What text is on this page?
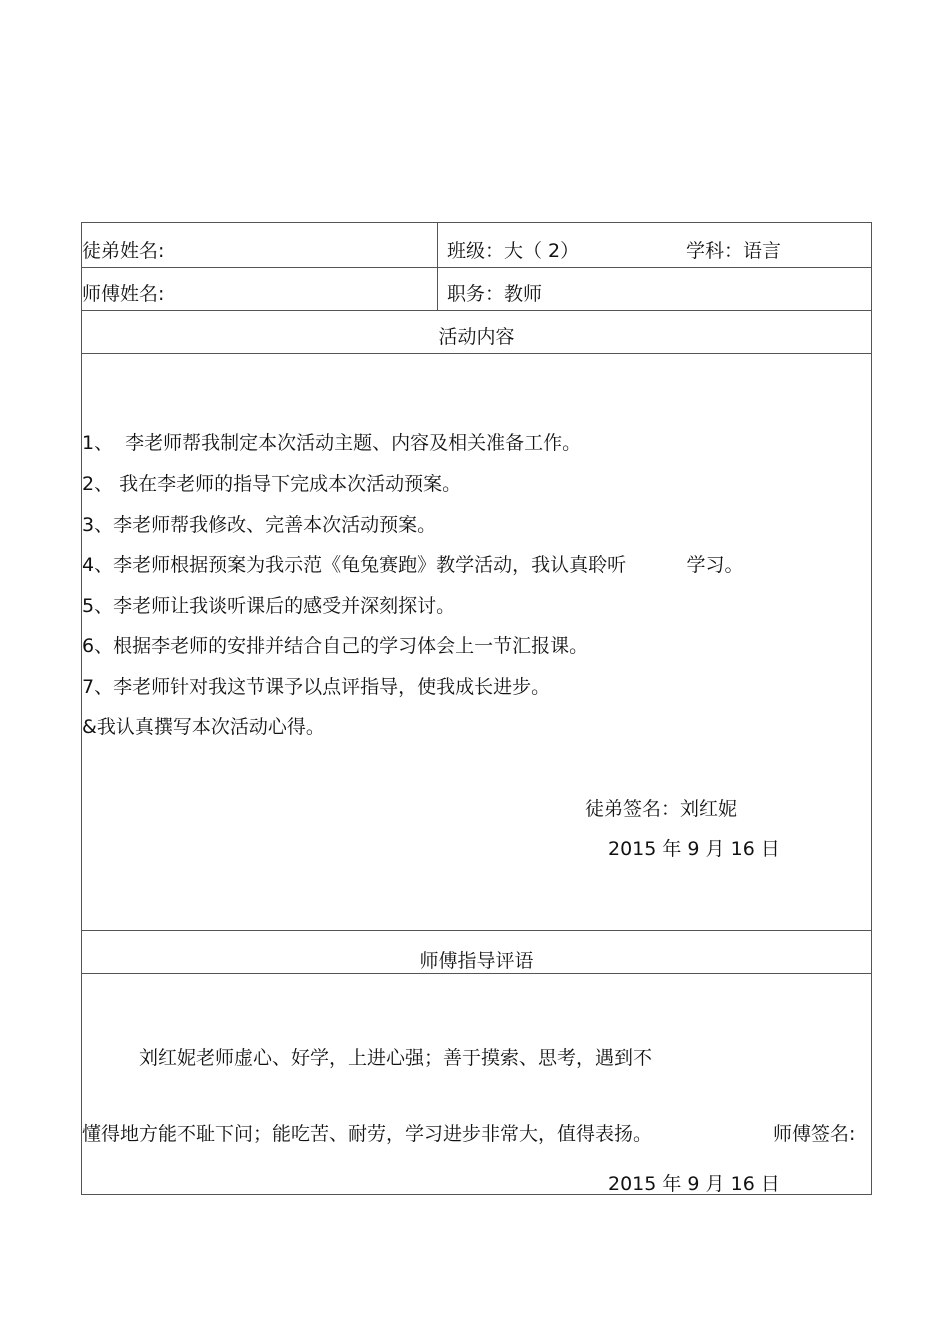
徒弟姓名:	班级：大（ 2）	学科：语言
师傅姓名:	职务：教师
活动内容
1、  李老师帮我制定本次活动主题、内容及相关准备工作。
2、 我在李老师的指导下完成本次活动预案。
3、李老师帮我修改、完善本次活动预案。
4、李老师根据预案为我示范《龟兔赛跑》教学活动，我认真聆听          学习。
5、李老师让我谈听课后的感受并深刻探讨。
6、根据李老师的安排并结合自己的学习体会上一节汇报课。
7、李老师针对我这节课予以点评指导，使我成长进步。
&我认真撰写本次活动心得。
徒弟签名：刘红妮
2015 年 9 月 16 日
师傅指导评语
刘红妮老师虚心、好学，上进心强；善于摸索、思考，遇到不
懂得地方能不耻下问；能吃苦、耐劳，学习进步非常大，值得表扬。	师傅签名:
2015 年 9 月 16 日
